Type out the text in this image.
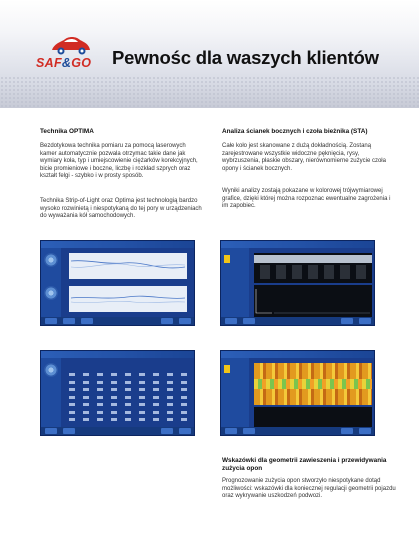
SAF&GO	Pewnośc dla waszych klientów
Technika OPTIMA
Bezdotykowa technika pomiaru za pomocą laserowych kamer automatycznie pozwala otrzymac takie dane jak wymiary koła, typ i umiejscowienie ciężarków korekcyjnych, bicie promieniowe i boczne, liczbę i rozkład szprych oraz kształt felgi - szybko i w prosty sposób.
Technika Strip-of-Light oraz Optima jest technologią bardzo wysoko rozwinietą i niespotykaną do tej pory w urządzeniach do wyważania kół samochodowych.
Analiza ścianek bocznych i czoła bieżnika (STA)
Całe koło jest skanowane z dużą dokładnością. Zostaną zarejestrowane wszystkie widoczne pęknięcia, rysy, wybrzuszenia, płaskie obszary, nierównomierne zużycie czoła opony i ścianek bocznych.
Wyniki analizy zostają pokazane w kolorowej trójwymiarowej grafice, dzięki której można rozpoznac ewentualne zagrożenia i im zapobiec.
Wskazówki dla geometrii zawieszenia i przewidywania zużycia opon
Prognozowanie zużycia opon stworzyło niespotykane dotąd możliwości: wskazówki dla koniecznej regulacji geometrii pojazdu oraz wykrywanie uszkodzeń podwozi.
